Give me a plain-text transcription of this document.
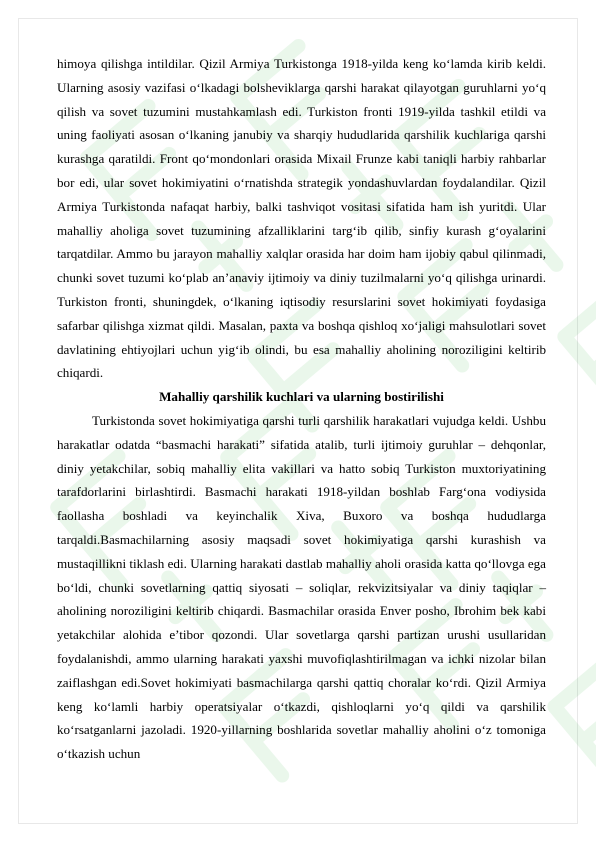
himoya qilishga intildilar. Qizil Armiya Turkistonga 1918-yilda keng ko‘lamda kirib keldi. Ularning asosiy vazifasi o‘lkadagi bolsheviklarga qarshi harakat qilayotgan guruhlarni yo‘q qilish va sovet tuzumini mustahkamlash edi. Turkiston fronti 1919-yilda tashkil etildi va uning faoliyati asosan o‘lkaning janubiy va sharqiy hududlarida qarshilik kuchlariga qarshi kurashga qaratildi. Front qo‘mondonlari orasida Mixail Frunze kabi taniqli harbiy rahbarlar bor edi, ular sovet hokimiyatini o‘rnatishda strategik yondashuvlardan foydalandilar. Qizil Armiya Turkistonda nafaqat harbiy, balki tashviqot vositasi sifatida ham ish yuritdi. Ular mahalliy aholiga sovet tuzumining afzalliklarini targ‘ib qilib, sinfiy kurash g‘oyalarini tarqatdilar. Ammo bu jarayon mahalliy xalqlar orasida har doim ham ijobiy qabul qilinmadi, chunki sovet tuzumi ko‘plab an’anaviy ijtimoiy va diniy tuzilmalarni yo‘q qilishga urinardi. Turkiston fronti, shuningdek, o‘lkaning iqtisodiy resurslarini sovet hokimiyati foydasiga safarbar qilishga xizmat qildi. Masalan, paxta va boshqa qishloq xo‘jaligi mahsulotlari sovet davlatining ehtiyojlari uchun yig‘ib olindi, bu esa mahalliy aholining noroziligini keltirib chiqardi.

Mahalliy qarshilik kuchlari va ularning bostirilishi

Turkistonda sovet hokimiyatiga qarshi turli qarshilik harakatlari vujudga keldi. Ushbu harakatlar odatda “basmachi harakati” sifatida atalib, turli ijtimoiy guruhlar – dehqonlar, diniy yetakchilar, sobiq mahalliy elita vakillari va hatto sobiq Turkiston muxtoriyatining tarafdorlarini birlashtirdi. Basmachi harakati 1918-yildan boshlab Farg‘ona vodiysida faollasha boshladi va keyinchalik Xiva, Buxoro va boshqa hududlarga tarqaldi.Basmachilarning asosiy maqsadi sovet hokimiyatiga qarshi kurashish va mustaqillikni tiklash edi. Ularning harakati dastlab mahalliy aholi orasida katta qo‘llovga ega bo‘ldi, chunki sovetlarning qattiq siyosati – soliqlar, rekvizitsiyalar va diniy taqiqlar – aholining noroziligini keltirib chiqardi. Basmachilar orasida Enver posho, Ibrohim bek kabi yetakchilar alohida e’tibor qozondi. Ular sovetlarga qarshi partizan urushi usullaridan foydalanishdi, ammo ularning harakati yaxshi muvofiqlashtirilmagan va ichki nizolar bilan zaiflashgan edi.Sovet hokimiyati basmachilarga qarshi qattiq choralar ko‘rdi. Qizil Armiya keng ko‘lamli harbiy operatsiyalar o‘tkazdi, qishloqlarni yo‘q qildi va qarshilik ko‘rsatganlarni jazoladi. 1920-yillarning boshlarida sovetlar mahalliy aholini o‘z tomoniga o‘tkazish uchun
